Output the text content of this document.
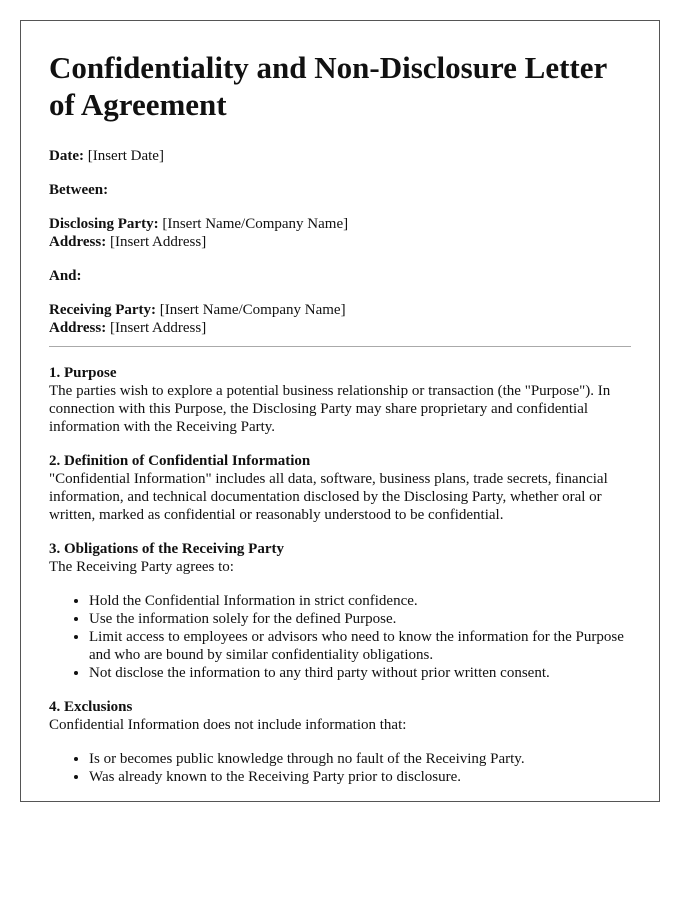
Confidentiality and Non-Disclosure Letter of Agreement

Date: [Insert Date]

Between:

Disclosing Party: [Insert Name/Company Name]
Address: [Insert Address]

And:

Receiving Party: [Insert Name/Company Name]
Address: [Insert Address]

1. Purpose

The parties wish to explore a potential business relationship or transaction (the "Purpose"). In connection with this Purpose, the Disclosing Party may share proprietary and confidential information with the Receiving Party.

2. Definition of Confidential Information

"Confidential Information" includes all data, software, business plans, trade secrets, financial information, and technical documentation disclosed by the Disclosing Party, whether oral or written, marked as confidential or reasonably understood to be confidential.

3. Obligations of the Receiving Party

The Receiving Party agrees to:

• Hold the Confidential Information in strict confidence.
• Use the information solely for the defined Purpose.
• Limit access to employees or advisors who need to know the information for the Purpose and who are bound by similar confidentiality obligations.
• Not disclose the information to any third party without prior written consent.
4. Exclusions

Confidential Information does not include information that:

• Is or becomes public knowledge through no fault of the Receiving Party.
• Was already known to the Receiving Party prior to disclosure.
